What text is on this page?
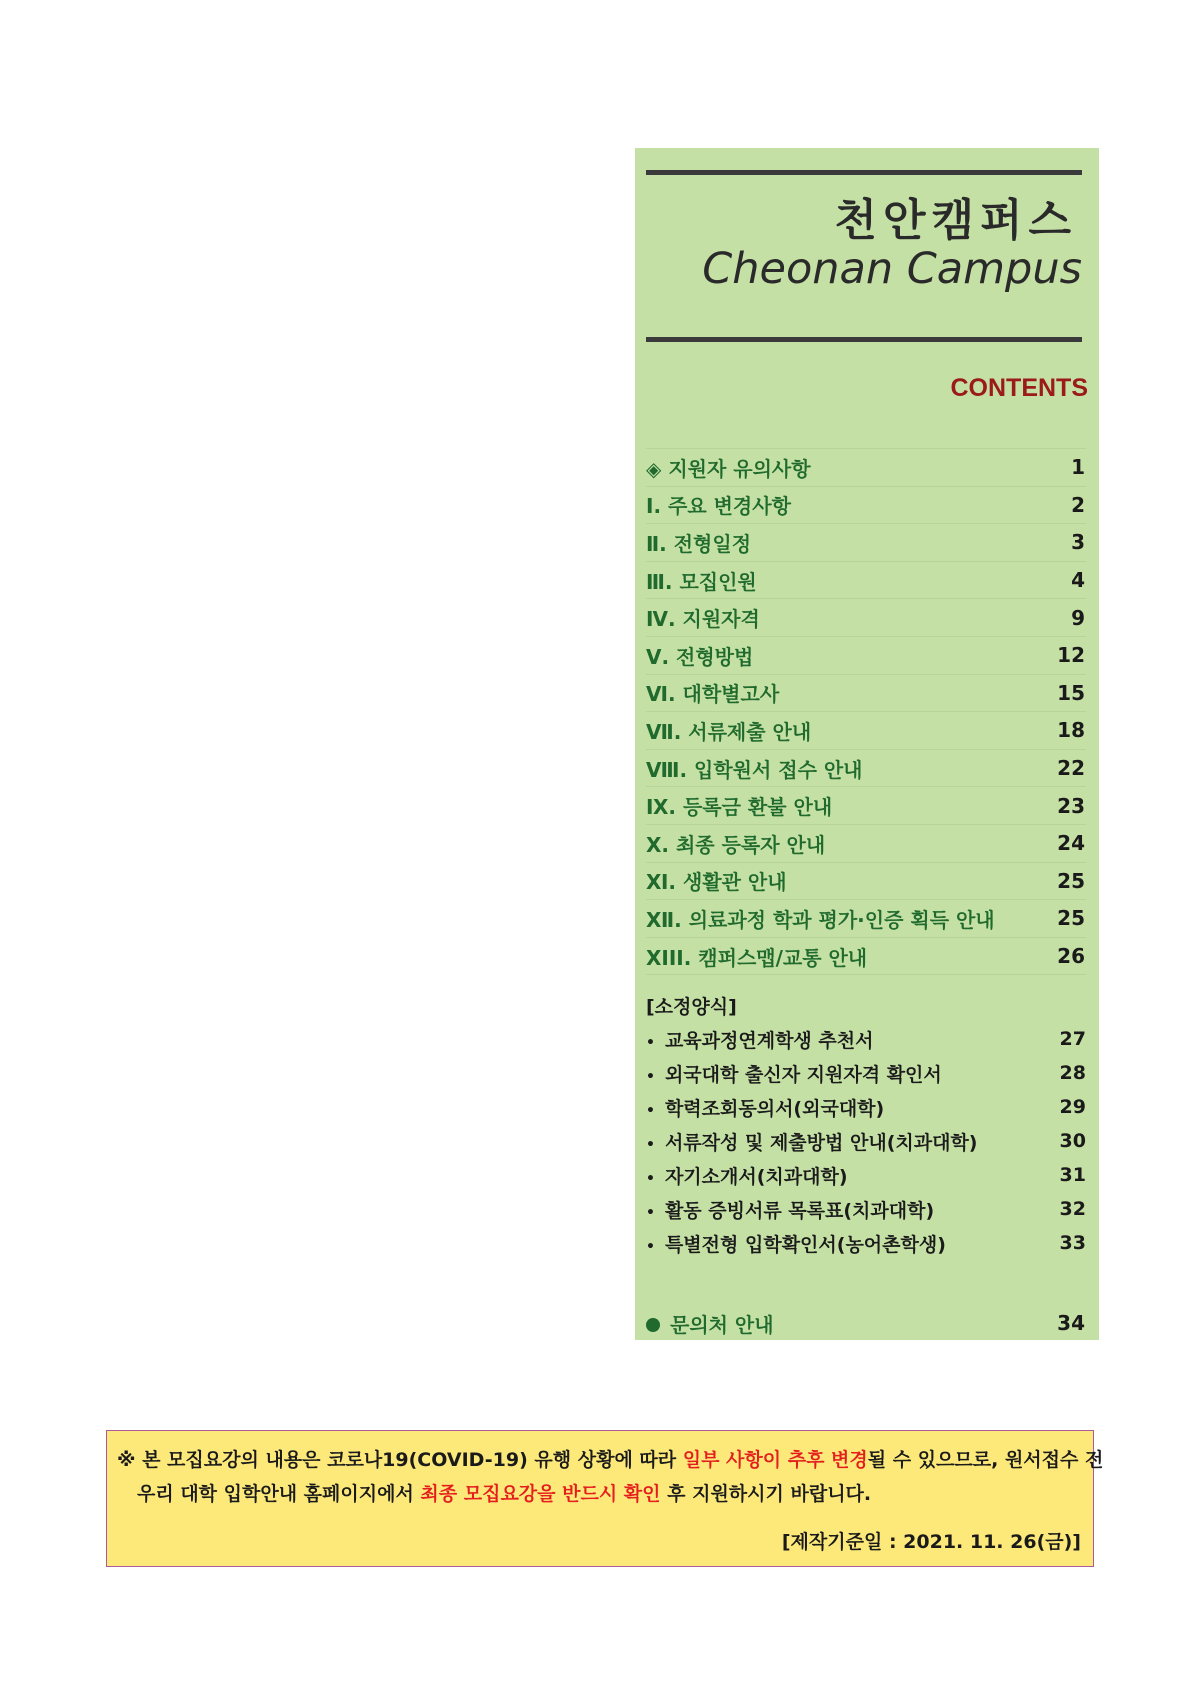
천안캠퍼스
Cheonan Campus
CONTENTS
◈ 지원자 유의사항	1
Ⅰ. 주요 변경사항	2
Ⅱ. 전형일정	3
Ⅲ. 모집인원	4
Ⅳ. 지원자격	9
Ⅴ. 전형방법	12
Ⅵ. 대학별고사	15
Ⅶ. 서류제출 안내	18
Ⅷ. 입학원서 접수 안내	22
Ⅸ. 등록금 환불 안내	23
Ⅹ. 최종 등록자 안내	24
Ⅺ. 생활관 안내	25
Ⅻ. 의료과정 학과 평가·인증 획득 안내	25
XIII. 캠퍼스맵/교통 안내	26
[소정양식]
• 교육과정연계학생 추천서	27
• 외국대학 출신자 지원자격 확인서	28
• 학력조회동의서(외국대학)	29
• 서류작성 및 제출방법 안내(치과대학)	30
• 자기소개서(치과대학)	31
• 활동 증빙서류 목록표(치과대학)	32
• 특별전형 입학확인서(농어촌학생)	33
문의처 안내	34
※ 본 모집요강의 내용은 코로나19(COVID-19) 유행 상황에 따라 일부 사항이 추후 변경될 수 있으므로, 원서접수 전
우리 대학 입학안내 홈페이지에서 최종 모집요강을 반드시 확인 후 지원하시기 바랍니다.
[제작기준일 : 2021. 11. 26(금)]
